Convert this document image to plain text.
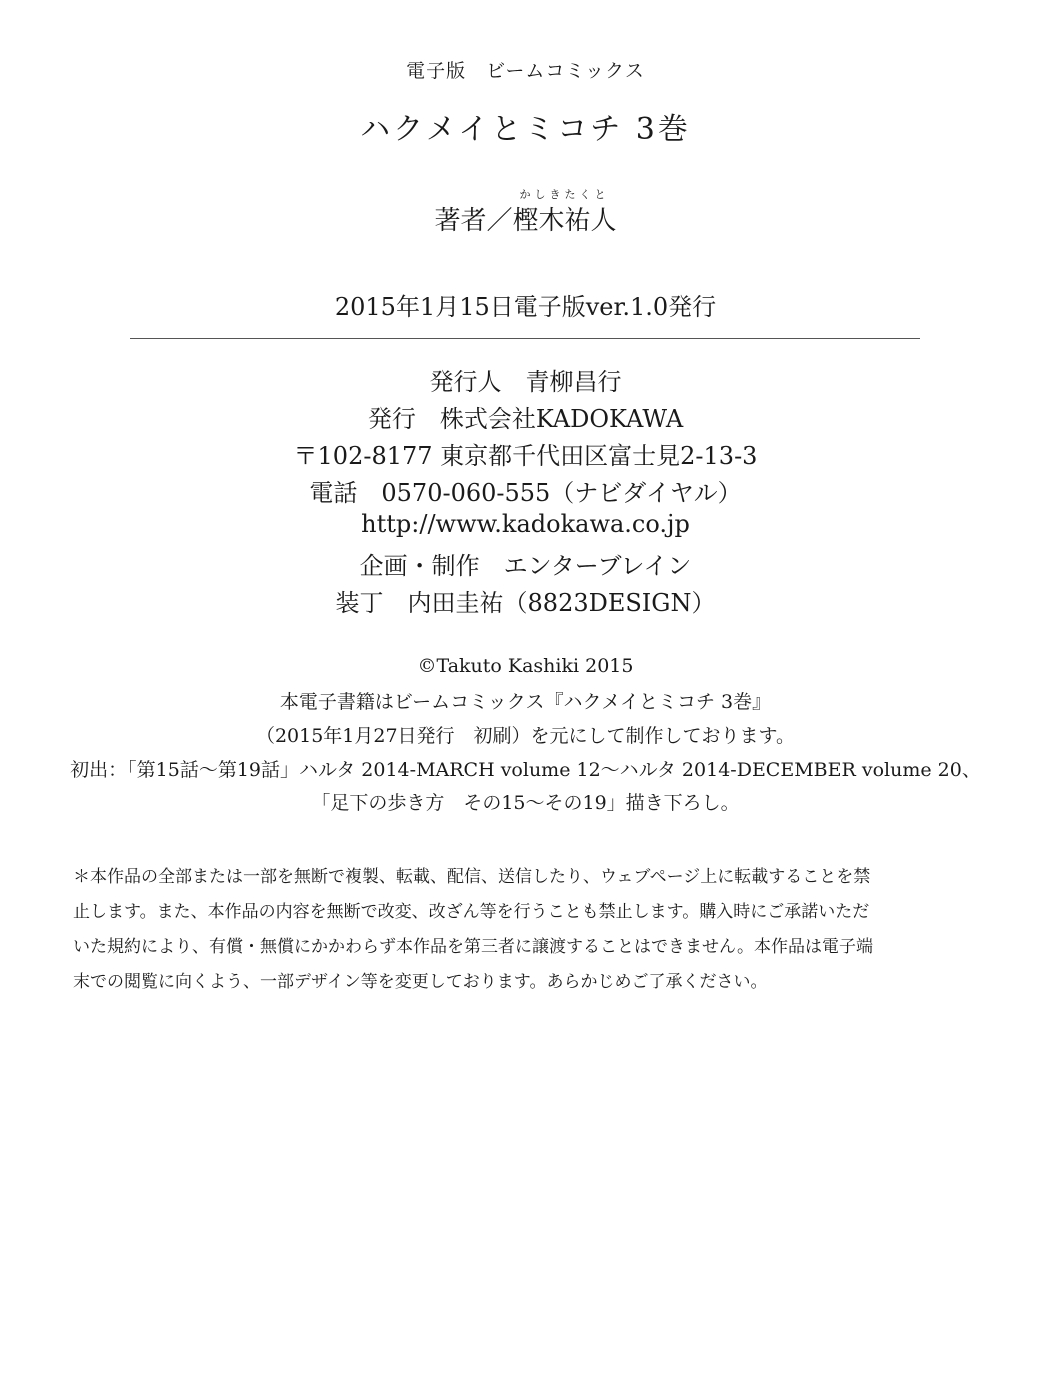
電子版　ビームコミックス
ハクメイとミコチ 3巻
著者／
かしきたくと
樫木祐人
2015年1月15日電子版ver.1.0発行
発行人　青柳昌行
発行　株式会社KADOKAWA
〒102-8177 東京都千代田区富士見2-13-3
電話　0570-060-555（ナビダイヤル）
http://www.kadokawa.co.jp
企画・制作　エンターブレイン
装丁　内田圭祐（8823DESIGN）
©Takuto Kashiki 2015
本電子書籍はビームコミックス『ハクメイとミコチ 3巻』
（2015年1月27日発行　初刷）を元にして制作しております。
初出：「第15話〜第19話」ハルタ 2014-MARCH volume 12〜ハルタ 2014-DECEMBER volume 20、
「足下の歩き方　その15〜その19」描き下ろし。
＊本作品の全部または一部を無断で複製、転載、配信、送信したり、ウェブページ上に転載することを禁
止します。また、本作品の内容を無断で改変、改ざん等を行うことも禁止します。購入時にご承諾いただ
いた規約により、有償・無償にかかわらず本作品を第三者に譲渡することはできません。本作品は電子端
末での閲覧に向くよう、一部デザイン等を変更しております。あらかじめご了承ください。
